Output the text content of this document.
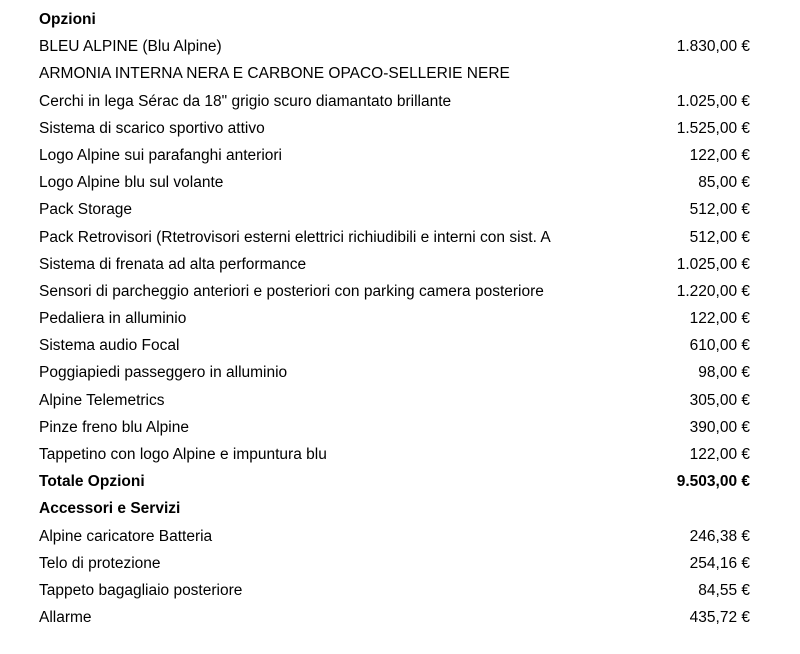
Opzioni
BLEU ALPINE (Blu Alpine)	1.830,00 €
ARMONIA INTERNA NERA E CARBONE OPACO-SELLERIE NERE
Cerchi in lega Sérac da 18" grigio scuro diamantato brillante	1.025,00 €
Sistema di scarico sportivo attivo	1.525,00 €
Logo Alpine sui parafanghi anteriori	122,00 €
Logo Alpine blu sul volante	85,00 €
Pack Storage	512,00 €
Pack Retrovisori (Rtetrovisori esterni elettrici richiudibili e interni con sist. A	512,00 €
Sistema di frenata ad alta performance	1.025,00 €
Sensori di parcheggio anteriori e posteriori con parking camera posteriore	1.220,00 €
Pedaliera in alluminio	122,00 €
Sistema audio Focal	610,00 €
Poggiapiedi passeggero in alluminio	98,00 €
Alpine Telemetrics	305,00 €
Pinze freno blu Alpine	390,00 €
Tappetino con logo Alpine e impuntura blu	122,00 €
Totale Opzioni	9.503,00 €
Accessori e Servizi
Alpine caricatore Batteria	246,38 €
Telo di protezione	254,16 €
Tappeto bagagliaio posteriore	84,55 €
Allarme	435,72 €
